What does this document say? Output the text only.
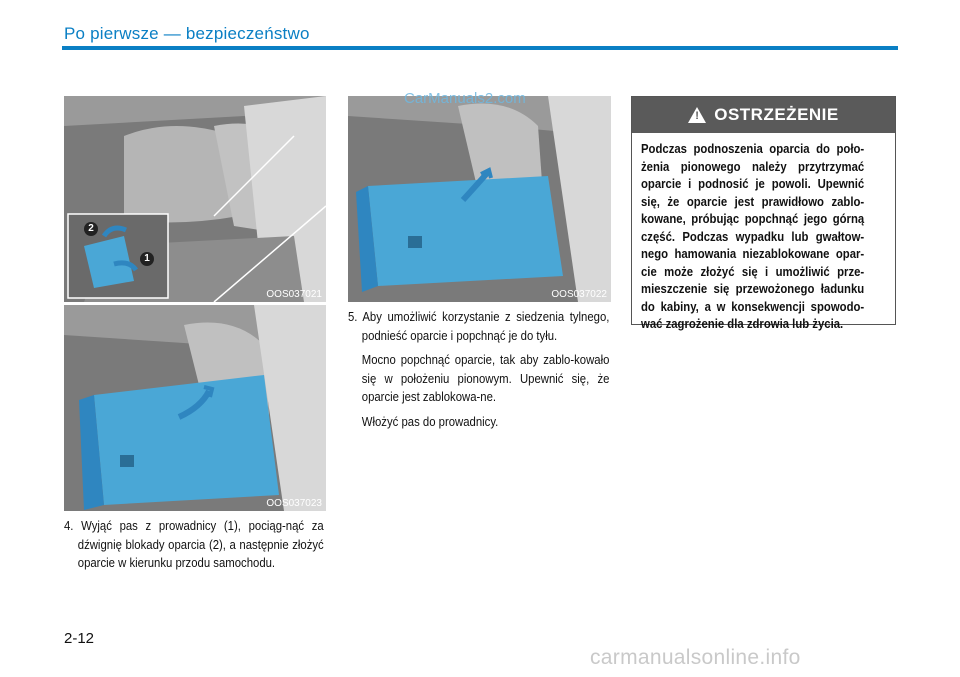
Po pierwsze — bezpieczeństwo
2
1
OOS037021
OOS037023
OOS037022

4. Wyjąć pas z prowadnicy (1), pociąg-nąć za dźwignię blokady oparcia (2), a następnie złożyć oparcie w kierunku przodu samochodu.

5. Aby umożliwić korzystanie z siedzenia tylnego, podnieść oparcie i popchnąć je do tyłu.

Mocno popchnąć oparcie, tak aby zablo-kowało się w położeniu pionowym. Upewnić się, że oparcie jest zablokowa-ne.

Włożyć pas do prowadnicy.

! OSTRZEŻENIE
Podczas podnoszenia oparcia do poło-żenia pionowego należy przytrzymać oparcie i podnosić je powoli. Upewnić się, że oparcie jest prawidłowo zablo-kowane, próbując popchnąć jego górną część. Podczas wypadku lub gwałtow-nego hamowania niezablokowane opar-cie może złożyć się i umożliwić prze-mieszczenie się przewożonego ładunku do kabiny, a w konsekwencji spowodo-wać zagrożenie dla zdrowia lub życia.
2-12
CarManuals2.com
carmanualsonline.info
